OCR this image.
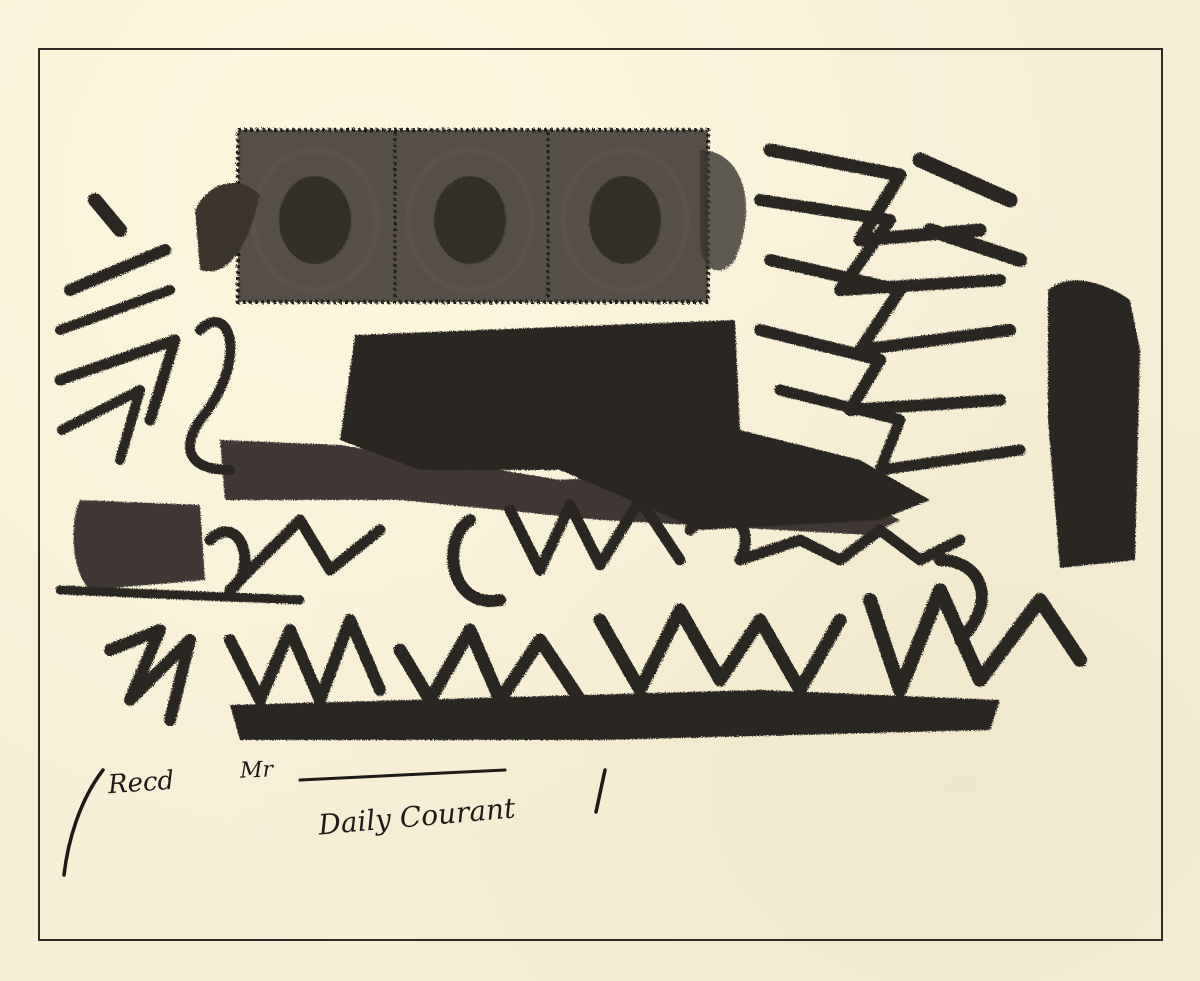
Recd	Mr
Daily Courant
